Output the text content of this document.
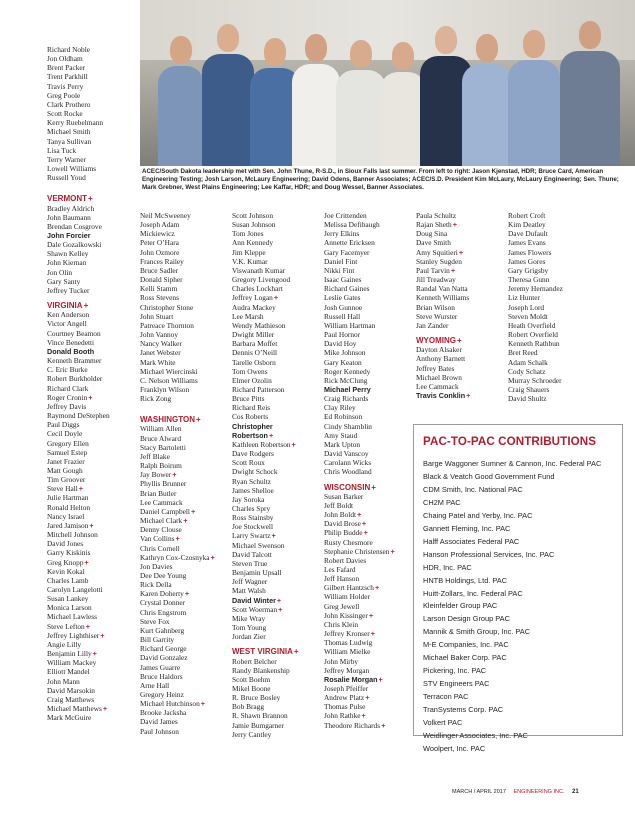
ACEC/South Dakota leadership met with Sen. John Thune, R-S.D., in Sioux Falls last summer. From left to right: Jason Kjenstad, HDR; Bruce Card, American Engineering Testing; Josh Larson, McLaury Engineering; David Odens, Banner Associates; ACEC/S.D. President Kim McLaury, McLaury Engineering; Sen. Thune; Mark Grebner, West Plains Engineering; Lee Kaffar, HDR; and Doug Wessel, Banner Associates.
Richard Noble
Jon Oldham
Brent Packer
Trent Parkhill
Travis Perry
Greg Poole
Clark Prothero
Scott Rocke
Kerry Ruebelmann
Michael Smith
Tanya Sullivan
Lisa Tuck
Terry Warner
Lowell Williams
Russell Youd
VERMONT+
Bradley Aldrich
John Baumann
Brendan Cosgrove
John Forcier
Dale Gozalkowski
Shawn Kelley
John Kiernan
Jon Olin
Gary Santy
Jeffrey Tucker
VIRGINIA+
Ken Anderson
Victor Angell
Courtney Beamon
Vince Benedetti
Donald Booth
Kenneth Brammer
C. Eric Burke
Robert Burkholder
Richard Clark
Roger Cronin+
Jeffrey Davis
Raymond DeStephen
Paul Diggs
Cecil Doyle
Gregory Ellen
Samuel Estep
Janet Frazier
Matt Gough
Tim Groover
Steve Hall+
Julie Hartman
Ronald Helton
Nancy Israel
Jared Jamison+
Mitchell Johnson
David Jones
Garry Kiskinis
Greg Knopp+
Kevin Kokal
Charles Lamb
Carolyn Langelotti
Susan Lankey
Monica Larson
Michael Lawless
Steve Lefton+
Jeffrey Lighthiser+
Angie Lilly
Benjamin Lilly+
William Mackey
Elliott Mandel
John Mann
David Marsokin
Craig Matthews
Michael Matthews+
Mark McGuire
Neil McSweeney
Joseph Adam
Mickiewicz
Peter O’Hara
John Ozmore
Frances Railey
Bruce Sadler
Donald Sipher
Kelli Stamm
Ross Stevens
Christopher Stone
John Stuart
Patreace Thornton
John Vannoy
Nancy Walker
Janet Webster
Mark White
Michael Wiercinski
C. Nelson Williams
Franklyn Wilson
Rick Zong
WASHINGTON+
William Allen
Bruce Alward
Stacy Bartoletti
Jeff Blake
Ralph Boirum
Jay Bower+
Phyllis Brunner
Brian Butler
Lee Cammack
Daniel Campbell+
Michael Clark+
Denny Clouse
Van Collins+
Chris Cornell
Kathryn Cox-Czosnyka+
Jon Davies
Dee Dee Young
Rick Della
Karen Doherty+
Crystal Donner
Chris Engstrom
Steve Fox
Kurt Gahnberg
Bill Garrity
Richard George
David Gonzalez
James Guarre
Bruce Haldors
Arne Hall
Gregory Heinz
Michael Hutchinson+
Brooke Jacksha
David James
Paul Johnson
Scott Johnson
Susan Johnson
Tom Jones
Ann Kennedy
Jim Kleppe
V.K. Kumar
Viswanath Kumar
Gregory Livengood
Charles Lockhart
Jeffrey Logan+
Audra Mackey
Lee Marsh
Wendy Mathieson
Dwight Miller
Barbara Moffet
Dennis O’Neill
Tarelle Osborn
Tom Owens
Elmer Ozolin
Richard Patterson
Bruce Pitts
Richard Reis
Cos Roberts
Christopher
Robertson+
Kathleen Robertson+
Dave Rodgers
Scott Roux
Dwight Schock
Ryan Schultz
James Shelloe
Jay Soroka
Charles Spry
Ross Stainsby
Joe Stockwell
Larry Swartz+
Michael Swenson
David Talcott
Steven True
Benjamin Upsall
Jeff Wagner
Matt Walsh
David Winter+
Scott Woerman+
Mike Wray
Tom Young
Jordan Zier
WEST VIRGINIA+
Robert Belcher
Randy Blankenship
Scott Boehm
Mikel Boone
R. Bruce Bosley
Bob Bragg
R. Shawn Brannon
Jamie Bumgarner
Jerry Cantley
Joe Crittenden
Melissa Defibaugh
Jerry Elkins
Annette Ericksen
Gary Facemyer
Daniel Fint
Nikki Fint
Isaac Gaines
Richard Gaines
Leslie Gates
Josh Gunnoe
Russell Hall
William Hartman
Paul Hornor
David Hoy
Mike Johnson
Gary Keaton
Roger Kennedy
Rick McClung
Michael Perry
Craig Richards
Clay Riley
Ed Robinson
Cindy Shamblin
Amy Staud
Mark Upton
David Vanscoy
Carolann Wicks
Chris Woodland
WISCONSIN+
Susan Barker
Jeff Boldt
John Boldt+
David Brose+
Philip Budde+
Rusty Chesmore
Stephanie Christensen+
Robert Davies
Les Fafard
Jeff Hanson
Gilbert Hantzsch+
William Holder
Greg Jewell
John Kissinger+
Chris Klein
Jeffrey Kronser+
Thomas Ludwig
William Mielke
John Mirby
Jeffrey Morgan
Rosalie Morgan+
Joseph Pfeiffer
Andrew Platz+
Thomas Pulse
John Rathke+
Theodore Richards+
Paula Schultz
Rajan Sheth+
Doug Sina
Dave Smith
Amy Squitieri+
Stanley Sugden
Paul Tarvin+
Jill Treadway
Randal Van Natta
Kenneth Williams
Brian Wilson
Steve Wurster
Jan Zander
WYOMING+
Dayton Alsaker
Anthony Barnett
Jeffrey Bates
Michael Brown
Lee Cammack
Travis Conklin+
Robert Croft
Kim Deatley
Dave Dufault
James Evans
James Flowers
James Gores
Gary Grigsby
Theresa Gunn
Jeremy Hernandez
Liz Hunter
Joseph Lord
Steven Moldt
Heath Overfield
Robert Overfield
Kenneth Rathbun
Bret Reed
Adam Schalk
Cody Schatz
Murray Schroeder
Craig Shauers
David Shultz
PAC-TO-PAC CONTRIBUTIONS
Barge Waggoner Sumner & Cannon, Inc. Federal PAC
Black & Veatch Good Government Fund
CDM Smith, Inc. National PAC
CH2M PAC
Chaing Patel and Yerby, Inc. PAC
Gannett Fleming, Inc. PAC
Halff Associates Federal PAC
Hanson Professional Services, Inc. PAC
HDR, Inc. PAC
HNTB Holdings, Ltd. PAC
Huitt-Zollars, Inc. Federal PAC
Kleinfelder Group PAC
Larson Design Group PAC
Mannik & Smith Group, Inc. PAC
M-E Companies, Inc. PAC
Michael Baker Corp. PAC
Pickering, Inc. PAC
STV Engineers PAC
Terracon PAC
TranSystems Corp. PAC
Volkert PAC
Weidlinger Associates, Inc. PAC
Woolpert, Inc. PAC
MARCH / APRIL 2017 ENGINEERING INC. 21
